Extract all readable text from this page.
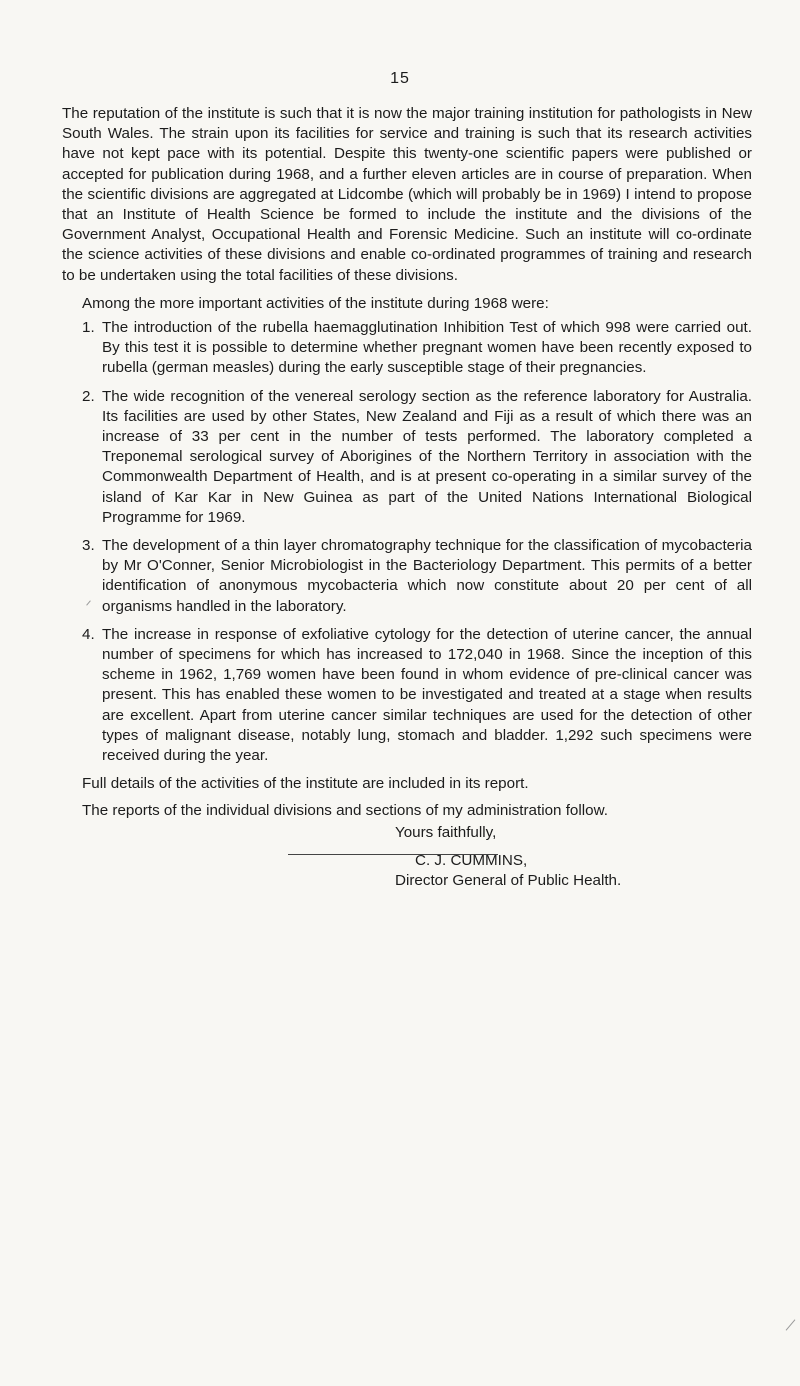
15

The reputation of the institute is such that it is now the major training institution for pathologists in New South Wales. The strain upon its facilities for service and training is such that its research activities have not kept pace with its potential. Despite this twenty-one scientific papers were published or accepted for publication during 1968, and a further eleven articles are in course of preparation. When the scientific divisions are aggregated at Lidcombe (which will probably be in 1969) I intend to propose that an Institute of Health Science be formed to include the institute and the divisions of the Government Analyst, Occupational Health and Forensic Medicine. Such an institute will co-ordinate the science activities of these divisions and enable co-ordinated programmes of training and research to be undertaken using the total facilities of these divisions.

Among the more important activities of the institute during 1968 were:

1. The introduction of the rubella haemagglutination Inhibition Test of which 998 were carried out. By this test it is possible to determine whether pregnant women have been recently exposed to rubella (german measles) during the early susceptible stage of their pregnancies.
2. The wide recognition of the venereal serology section as the reference laboratory for Australia. Its facilities are used by other States, New Zealand and Fiji as a result of which there was an increase of 33 per cent in the number of tests performed. The laboratory completed a Treponemal serological survey of Aborigines of the Northern Territory in association with the Commonwealth Department of Health, and is at present co-operating in a similar survey of the island of Kar Kar in New Guinea as part of the United Nations International Biological Programme for 1969.
3. The development of a thin layer chromatography technique for the classification of mycobacteria by Mr O'Conner, Senior Microbiologist in the Bacteriology Department. This permits of a better identification of anonymous mycobacteria which now constitute about 20 per cent of all organisms handled in the laboratory.
4. The increase in response of exfoliative cytology for the detection of uterine cancer, the annual number of specimens for which has increased to 172,040 in 1968. Since the inception of this scheme in 1962, 1,769 women have been found in whom evidence of pre-clinical cancer was present. This has enabled these women to be investigated and treated at a stage when results are excellent. Apart from uterine cancer similar techniques are used for the detection of other types of malignant disease, notably lung, stomach and bladder. 1,292 such specimens were received during the year.

Full details of the activities of the institute are included in its report.

The reports of the individual divisions and sections of my administration follow.

Yours faithfully,
C. J. CUMMINS,
Director General of Public Health.
